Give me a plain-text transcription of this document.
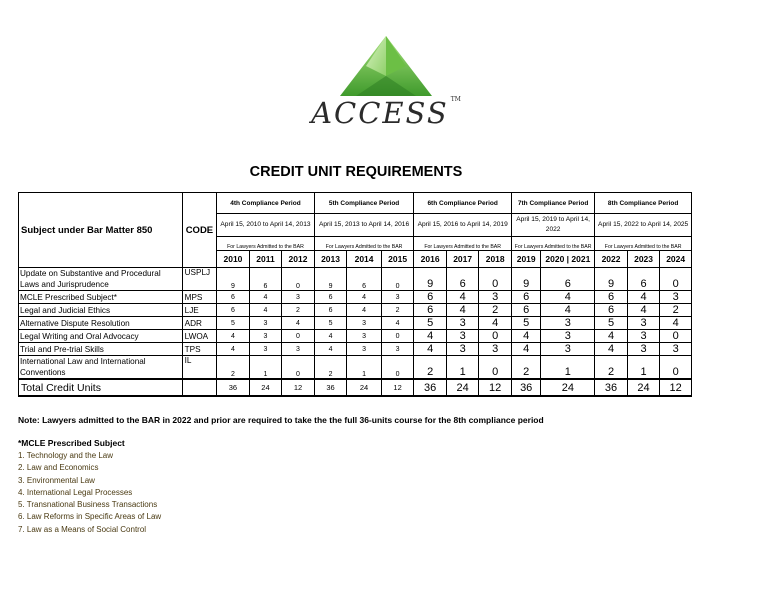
ACCESS ™
CREDIT UNIT REQUIREMENTS
Subject under Bar Matter 850	CODE	4th Compliance Period			5th Compliance Period			6th Compliance Period			7th Compliance Period		8th Compliance Period		
		April 15, 2010 to April 14, 2013			April 15, 2013 to April 14, 2016			April 15, 2016 to April 14, 2019			April 15, 2019 to April 14, 2022		April 15, 2022 to April 14, 2025		
		For Lawyers Admitted to the BAR			For Lawyers Admitted to the BAR			For Lawyers Admitted to the BAR			For Lawyers Admitted to the BAR		For Lawyers Admitted to the BAR		
		2010	2011	2012	2013	2014	2015	2016	2017	2018	2019	2020 | 2021	2022	2023	2024
Update on Substantive and Procedural Laws and Jurisprudence	USPLJ	9	6	0	9	6	0	9	6	0	9	6	9	6	0
MCLE Prescribed Subject*	MPS	6	4	3	6	4	3	6	4	3	6	4	6	4	3
Legal and Judicial Ethics	LJE	6	4	2	6	4	2	6	4	2	6	4	6	4	2
Alternative Dispute Resolution	ADR	5	3	4	5	3	4	5	3	4	5	3	5	3	4
Legal Writing and Oral Advocacy	LWOA	4	3	0	4	3	0	4	3	0	4	3	4	3	0
Trial and Pre-trial Skills	TPS	4	3	3	4	3	3	4	3	3	4	3	4	3	3
International Law and International Conventions	IL	2	1	0	2	1	0	2	1	0	2	1	2	1	0
Total Credit Units		36	24	12	36	24	12	36	24	12	36	24	36	24	12
Note: Lawyers admitted to the BAR in 2022 and prior are required to take the the full 36-units course for the 8th compliance period
*MCLE Prescribed Subject
1. Technology and the Law
2. Law and Economics
3. Environmental Law
4. International Legal Processes
5. Transnational Business Transactions
6. Law Reforms in Specific Areas of Law
7. Law as a Means of Social Control
